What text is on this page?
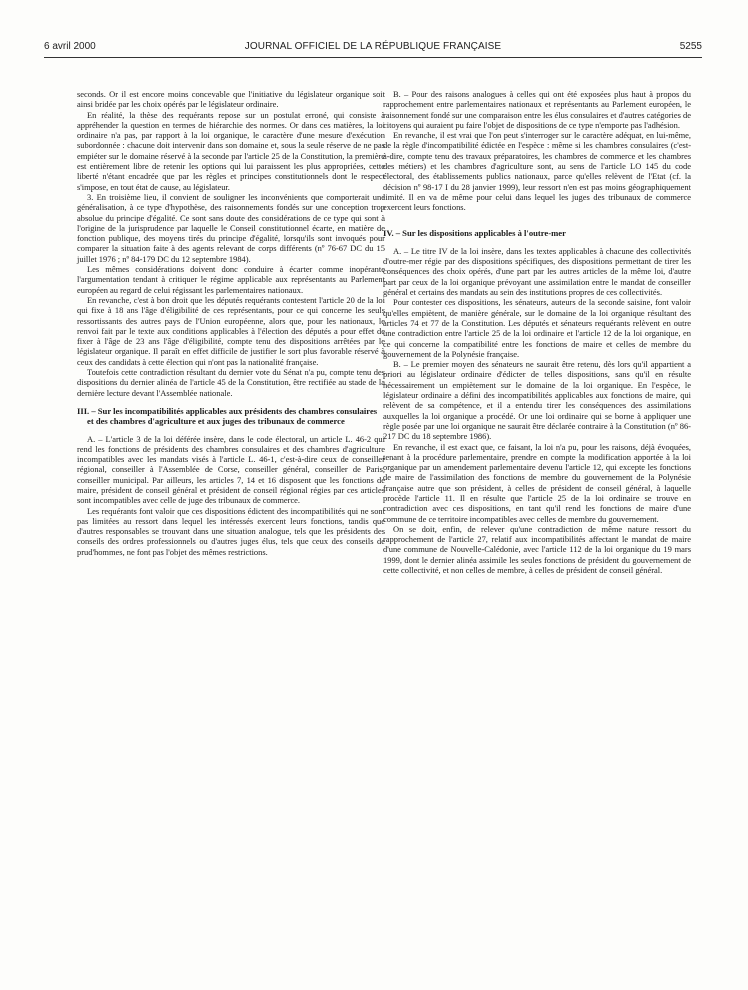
6 avril 2000	JOURNAL OFFICIEL DE LA RÉPUBLIQUE FRANÇAISE	5255

seconds. Or il est encore moins concevable que l'initiative du législateur organique soit ainsi bridée par les choix opérés par le législateur ordinaire.

En réalité, la thèse des requérants repose sur un postulat erroné, qui consiste à appréhender la question en termes de hiérarchie des normes. Or dans ces matières, la loi ordinaire n'a pas, par rapport à la loi organique, le caractère d'une mesure d'exécution subordonnée : chacune doit intervenir dans son domaine et, sous la seule réserve de ne pas empiéter sur le domaine réservé à la seconde par l'article 25 de la Constitution, la première est entièrement libre de retenir les options qui lui paraissent les plus appropriées, cette liberté n'étant encadrée que par les règles et principes constitutionnels dont le respect s'impose, en tout état de cause, au législateur.

3. En troisième lieu, il convient de souligner les inconvénients que comporterait une généralisation, à ce type d'hypothèse, des raisonnements fondés sur une conception trop absolue du principe d'égalité. Ce sont sans doute des considérations de ce type qui sont à l'origine de la jurisprudence par laquelle le Conseil constitutionnel écarte, en matière de fonction publique, des moyens tirés du principe d'égalité, lorsqu'ils sont invoqués pour comparer la situation faite à des agents relevant de corps différents (nº 76-67 DC du 15 juillet 1976 ; nº 84-179 DC du 12 septembre 1984).

Les mêmes considérations doivent donc conduire à écarter comme inopérante l'argumentation tendant à critiquer le régime applicable aux représentants au Parlement européen au regard de celui régissant les parlementaires nationaux.

En revanche, c'est à bon droit que les députés requérants contestent l'article 20 de la loi qui fixe à 18 ans l'âge d'éligibilité de ces représentants, pour ce qui concerne les seuls ressortissants des autres pays de l'Union européenne, alors que, pour les nationaux, le renvoi fait par le texte aux conditions applicables à l'élection des députés a pour effet de fixer à l'âge de 23 ans l'âge d'éligibilité, compte tenu des dispositions arrêtées par le législateur organique. Il paraît en effet difficile de justifier le sort plus favorable réservé à ceux des candidats à cette élection qui n'ont pas la nationalité française.

Toutefois cette contradiction résultant du dernier vote du Sénat n'a pu, compte tenu des dispositions du dernier alinéa de l'article 45 de la Constitution, être rectifiée au stade de la dernière lecture devant l'Assemblée nationale.

III. – Sur les incompatibilités applicables aux présidents des chambres consulaires et des chambres d'agriculture et aux juges des tribunaux de commerce

A. – L'article 3 de la loi déférée insère, dans le code électoral, un article L. 46-2 qui rend les fonctions de présidents des chambres consulaires et des chambres d'agriculture incompatibles avec les mandats visés à l'article L. 46-1, c'est-à-dire ceux de conseiller régional, conseiller à l'Assemblée de Corse, conseiller général, conseiller de Paris, conseiller municipal. Par ailleurs, les articles 7, 14 et 16 disposent que les fonctions de maire, président de conseil général et président de conseil régional régies par ces articles sont incompatibles avec celle de juge des tribunaux de commerce.

Les requérants font valoir que ces dispositions édictent des incompatibilités qui ne sont pas limitées au ressort dans lequel les intéressés exercent leurs fonctions, tandis que d'autres responsables se trouvant dans une situation analogue, tels que les présidents des conseils des ordres professionnels ou d'autres juges élus, tels que ceux des conseils de prud'hommes, ne font pas l'objet des mêmes restrictions.

B. – Pour des raisons analogues à celles qui ont été exposées plus haut à propos du rapprochement entre parlementaires nationaux et représentants au Parlement européen, le raisonnement fondé sur une comparaison entre les élus consulaires et d'autres catégories de citoyens qui auraient pu faire l'objet de dispositions de ce type n'emporte pas l'adhésion.

En revanche, il est vrai que l'on peut s'interroger sur le caractère adéquat, en lui-même, de la règle d'incompatibilité édictée en l'espèce : même si les chambres consulaires (c'est-à-dire, compte tenu des travaux préparatoires, les chambres de commerce et les chambres des métiers) et les chambres d'agriculture sont, au sens de l'article LO 145 du code électoral, des établissements publics nationaux, parce qu'elles relèvent de l'Etat (cf. la décision nº 98-17 I du 28 janvier 1999), leur ressort n'en est pas moins géographiquement limité. Il en va de même pour celui dans lequel les juges des tribunaux de commerce exercent leurs fonctions.

IV. – Sur les dispositions applicables à l'outre-mer

A. – Le titre IV de la loi insère, dans les textes applicables à chacune des collectivités d'outre-mer régie par des dispositions spécifiques, des dispositions permettant de tirer les conséquences des choix opérés, d'une part par les autres articles de la même loi, d'autre part par ceux de la loi organique prévoyant une assimilation entre le mandat de conseiller général et certains des mandats au sein des institutions propres de ces collectivités.

Pour contester ces dispositions, les sénateurs, auteurs de la seconde saisine, font valoir qu'elles empiètent, de manière générale, sur le domaine de la loi organique résultant des articles 74 et 77 de la Constitution. Les députés et sénateurs requérants relèvent en outre une contradiction entre l'article 25 de la loi ordinaire et l'article 12 de la loi organique, en ce qui concerne la compatibilité entre les fonctions de maire et celles de membre du gouvernement de la Polynésie française.

B. – Le premier moyen des sénateurs ne saurait être retenu, dès lors qu'il appartient a priori au législateur ordinaire d'édicter de telles dispositions, sans qu'il en résulte nécessairement un empiètement sur le domaine de la loi organique. En l'espèce, le législateur ordinaire a défini des incompatibilités applicables aux fonctions de maire, qui relèvent de sa compétence, et il a entendu tirer les conséquences des assimilations auxquelles la loi organique a procédé. Or une loi ordinaire qui se borne à appliquer une règle posée par une loi organique ne saurait être déclarée contraire à la Constitution (nº 86-217 DC du 18 septembre 1986).

En revanche, il est exact que, ce faisant, la loi n'a pu, pour les raisons, déjà évoquées, tenant à la procédure parlementaire, prendre en compte la modification apportée à la loi organique par un amendement parlementaire devenu l'article 12, qui excepte les fonctions de maire de l'assimilation des fonctions de membre du gouvernement de la Polynésie française autre que son président, à celles de président de conseil général, à laquelle procède l'article 11. Il en résulte que l'article 25 de la loi ordinaire se trouve en contradiction avec ces dispositions, en tant qu'il rend les fonctions de maire d'une commune de ce territoire incompatibles avec celles de membre du gouvernement.

On se doit, enfin, de relever qu'une contradiction de même nature ressort du rapprochement de l'article 27, relatif aux incompatibilités affectant le mandat de maire d'une commune de Nouvelle-Calédonie, avec l'article 112 de la loi organique du 19 mars 1999, dont le dernier alinéa assimile les seules fonctions de président du gouvernement de cette collectivité, et non celles de membre, à celles de président de conseil général.
